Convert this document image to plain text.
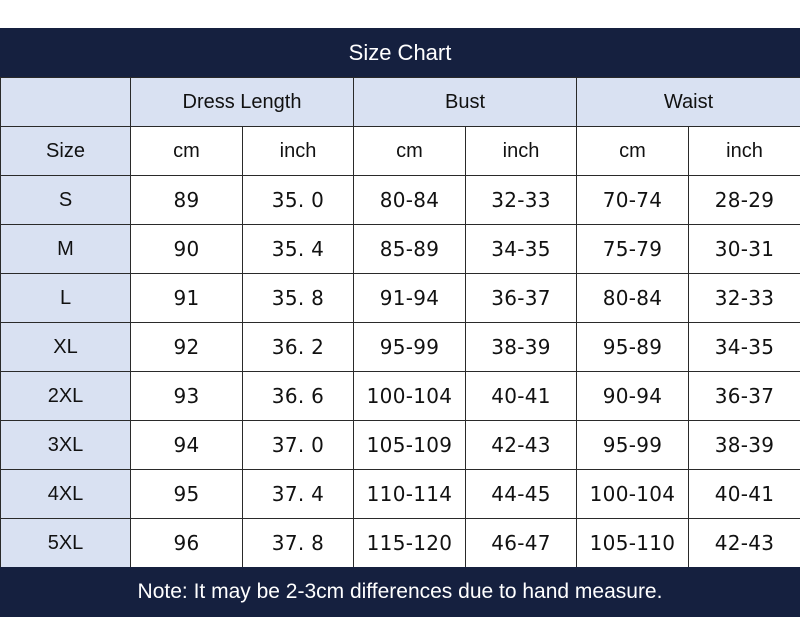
Size Chart
	Dress Length		Bust		Waist	
Size	cm	inch	cm	inch	cm	inch
S	89	35. 0	80-84	32-33	70-74	28-29
M	90	35. 4	85-89	34-35	75-79	30-31
L	91	35. 8	91-94	36-37	80-84	32-33
XL	92	36. 2	95-99	38-39	95-89	34-35
2XL	93	36. 6	100-104	40-41	90-94	36-37
3XL	94	37. 0	105-109	42-43	95-99	38-39
4XL	95	37. 4	110-114	44-45	100-104	40-41
5XL	96	37. 8	115-120	46-47	105-110	42-43
Note: It may be 2-3cm differences due to hand measure.
